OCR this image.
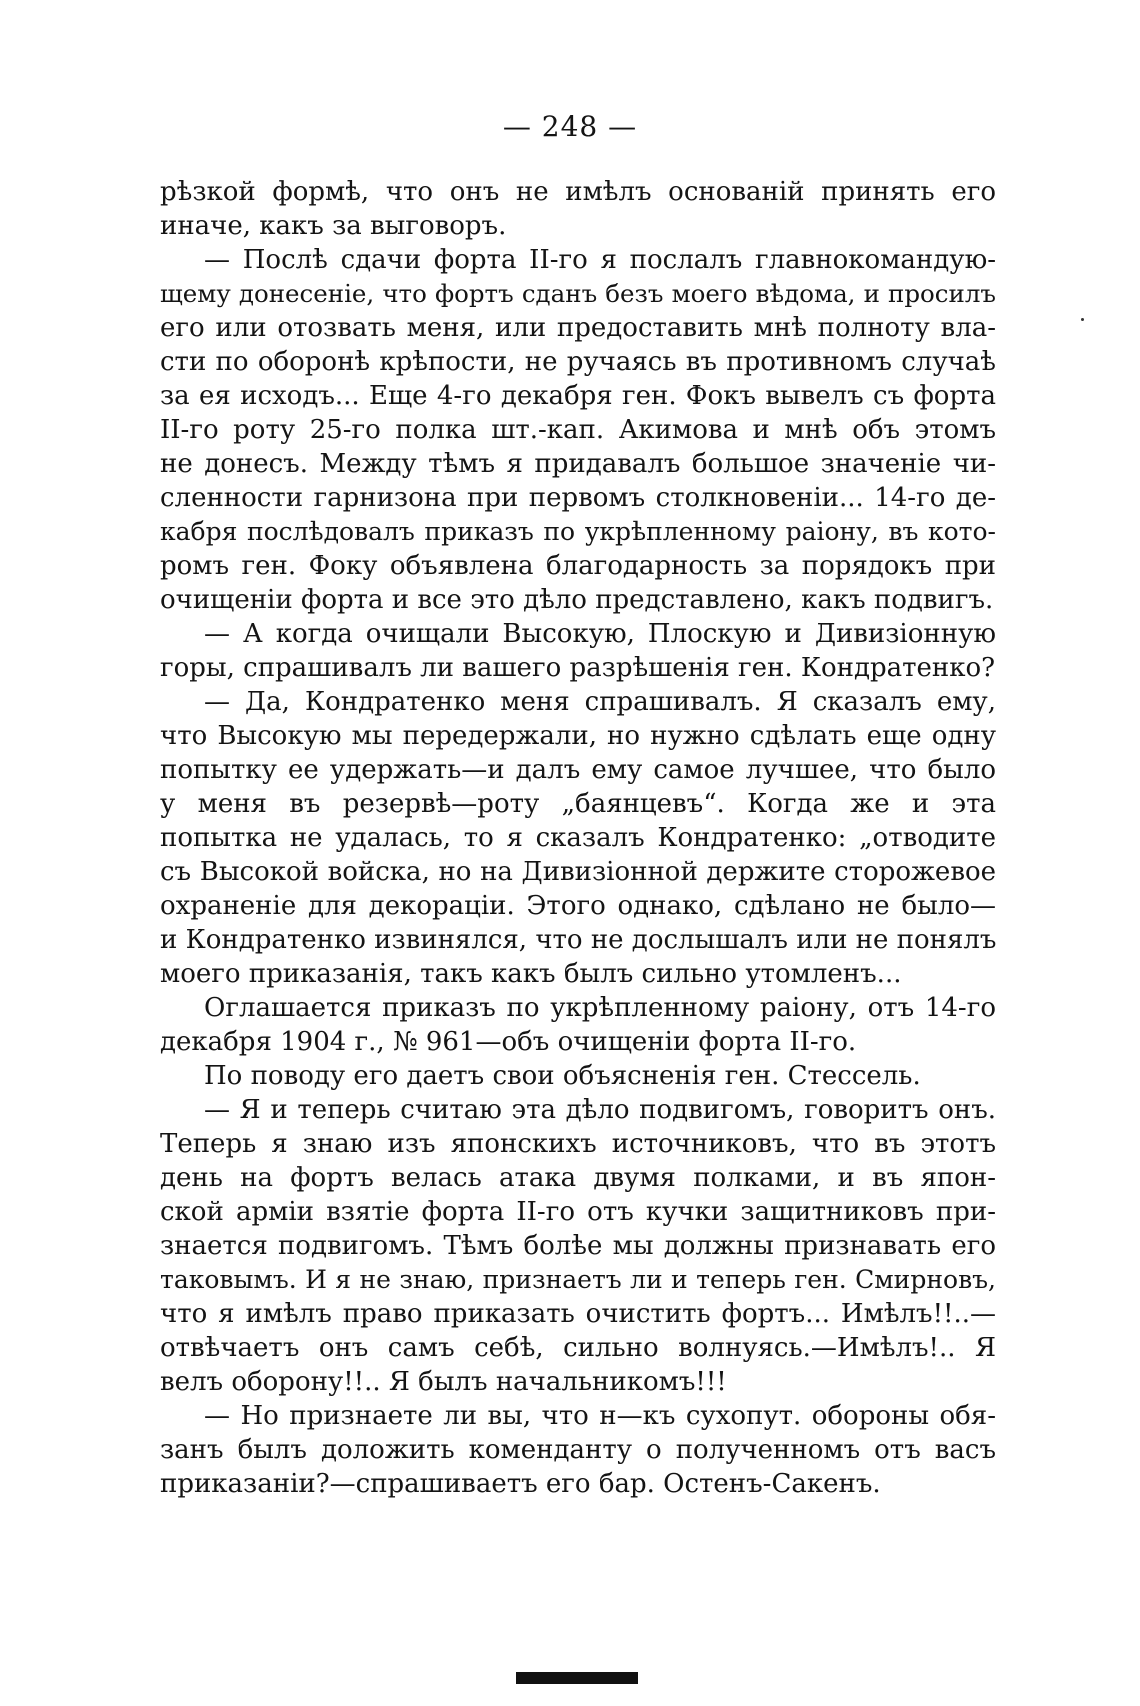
— 248 —
рѣзкой формѣ, что онъ не имѣлъ основаній принять его
иначе, какъ за выговоръ.
— Послѣ сдачи форта II-го я послалъ главнокомандую-
щему донесеніе, что фортъ сданъ безъ моего вѣдома, и просилъ
его или отозвать меня, или предоставить мнѣ полноту вла-
сти по оборонѣ крѣпости, не ручаясь въ противномъ случаѣ
за ея исходъ... Еще 4-го декабря ген. Фокъ вывелъ съ форта
II-го роту 25-го полка шт.-кап. Акимова и мнѣ объ этомъ
не донесъ. Между тѣмъ я придавалъ большое значеніе чи-
сленности гарнизона при первомъ столкновеніи... 14-го де-
кабря послѣдовалъ приказъ по укрѣпленному раіону, въ кото-
ромъ ген. Фоку объявлена благодарность за порядокъ при
очищеніи форта и все это дѣло представлено, какъ подвигъ.
— А когда очищали Высокую, Плоскую и Дивизіонную
горы, спрашивалъ ли вашего разрѣшенія ген. Кондратенко?
— Да, Кондратенко меня спрашивалъ. Я сказалъ ему,
что Высокую мы передержали, но нужно сдѣлать еще одну
попытку ее удержать—и далъ ему самое лучшее, что было
у меня въ резервѣ—роту „баянцевъ“. Когда же и эта
попытка не удалась, то я сказалъ Кондратенко: „отводите
съ Высокой войска, но на Дивизіонной держите сторожевое
охраненіе для декораціи. Этого однако, сдѣлано не было—
и Кондратенко извинялся, что не дослышалъ или не понялъ
моего приказанія, такъ какъ былъ сильно утомленъ...
Оглашается приказъ по укрѣпленному раіону, отъ 14-го
декабря 1904 г., № 961—объ очищеніи форта II-го.
По поводу его даетъ свои объясненія ген. Стессель.
— Я и теперь считаю эта дѣло подвигомъ, говоритъ онъ.
Теперь я знаю изъ японскихъ источниковъ, что въ этотъ
день на фортъ велась атака двумя полками, и въ япон-
ской арміи взятіе форта II-го отъ кучки защитниковъ при-
знается подвигомъ. Тѣмъ болѣе мы должны признавать его
таковымъ. И я не знаю, признаетъ ли и теперь ген. Смирновъ,
что я имѣлъ право приказать очистить фортъ... Имѣлъ!!..—
отвѣчаетъ онъ самъ себѣ, сильно волнуясь.—Имѣлъ!.. Я
велъ оборону!!.. Я былъ начальникомъ!!!
— Но признаете ли вы, что н—къ сухопут. обороны обя-
занъ былъ доложить коменданту о полученномъ отъ васъ
приказаніи?—спрашиваетъ его бар. Остенъ-Сакенъ.
